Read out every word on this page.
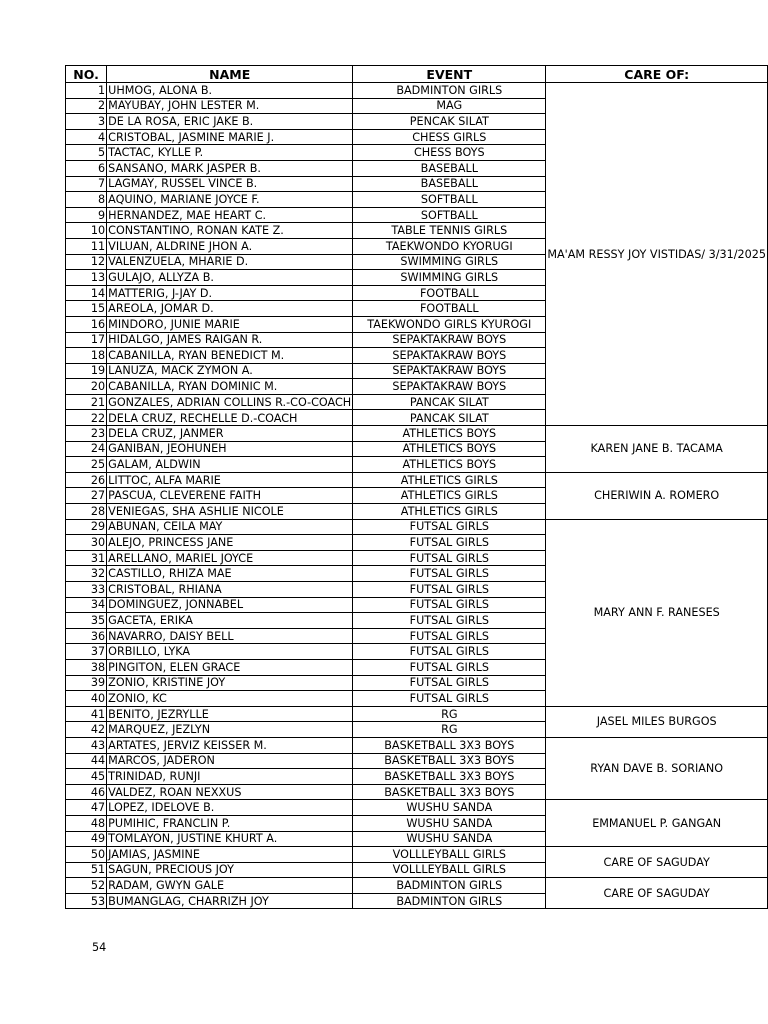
NO.	NAME	EVENT	CARE OF:
1	UHMOG, ALONA B.	BADMINTON GIRLS	MA'AM RESSY JOY VISTIDAS/ 3/31/2025
2	MAYUBAY, JOHN LESTER M.	MAG	
3	DE LA ROSA, ERIC JAKE B.	PENCAK SILAT	
4	CRISTOBAL, JASMINE MARIE J.	CHESS GIRLS	
5	TACTAC, KYLLE P.	CHESS BOYS	
6	SANSANO, MARK JASPER B.	BASEBALL	
7	LAGMAY, RUSSEL VINCE B.	BASEBALL	
8	AQUINO, MARIANE JOYCE F.	SOFTBALL	
9	HERNANDEZ, MAE HEART C.	SOFTBALL	
10	CONSTANTINO, RONAN KATE Z.	TABLE TENNIS GIRLS	
11	VILUAN, ALDRINE JHON A.	TAEKWONDO KYORUGI	
12	VALENZUELA, MHARIE D.	SWIMMING GIRLS	
13	GULAJO, ALLYZA B.	SWIMMING GIRLS	
14	MATTERIG, J-JAY D.	FOOTBALL	
15	AREOLA, JOMAR D.	FOOTBALL	
16	MINDORO, JUNIE MARIE	TAEKWONDO GIRLS KYUROGI	
17	HIDALGO, JAMES RAIGAN R.	SEPAKTAKRAW BOYS	
18	CABANILLA, RYAN BENEDICT M.	SEPAKTAKRAW BOYS	
19	LANUZA, MACK ZYMON A.	SEPAKTAKRAW BOYS	
20	CABANILLA, RYAN DOMINIC M.	SEPAKTAKRAW BOYS	
21	GONZALES, ADRIAN COLLINS R.-CO-COACH	PANCAK SILAT	
22	DELA CRUZ, RECHELLE D.-COACH	PANCAK SILAT	
23	DELA CRUZ, JANMER	ATHLETICS BOYS	KAREN JANE B. TACAMA
24	GANIBAN, JEOHUNEH	ATHLETICS BOYS	
25	GALAM, ALDWIN	ATHLETICS BOYS	
26	LITTOC, ALFA MARIE	ATHLETICS GIRLS	CHERIWIN A. ROMERO
27	PASCUA, CLEVERENE FAITH	ATHLETICS GIRLS	
28	VENIEGAS, SHA ASHLIE NICOLE	ATHLETICS GIRLS	
29	ABUNAN, CEILA MAY	FUTSAL GIRLS	MARY ANN F. RANESES
30	ALEJO, PRINCESS JANE	FUTSAL GIRLS	
31	ARELLANO, MARIEL JOYCE	FUTSAL GIRLS	
32	CASTILLO, RHIZA MAE	FUTSAL GIRLS	
33	CRISTOBAL, RHIANA	FUTSAL GIRLS	
34	DOMINGUEZ, JONNABEL	FUTSAL GIRLS	
35	GACETA, ERIKA	FUTSAL GIRLS	
36	NAVARRO, DAISY BELL	FUTSAL GIRLS	
37	ORBILLO, LYKA	FUTSAL GIRLS	
38	PINGITON, ELEN GRACE	FUTSAL GIRLS	
39	ZONIO, KRISTINE JOY	FUTSAL GIRLS	
40	ZONIO, KC	FUTSAL GIRLS	
41	BENITO, JEZRYLLE	RG	JASEL MILES BURGOS
42	MARQUEZ, JEZLYN	RG	
43	ARTATES, JERVIZ KEISSER M.	BASKETBALL 3X3 BOYS	RYAN DAVE B. SORIANO
44	MARCOS, JADERON	BASKETBALL 3X3 BOYS	
45	TRINIDAD, RUNJI	BASKETBALL 3X3 BOYS	
46	VALDEZ, ROAN NEXXUS	BASKETBALL 3X3 BOYS	
47	LOPEZ, IDELOVE B.	WUSHU SANDA	EMMANUEL P. GANGAN
48	PUMIHIC, FRANCLIN P.	WUSHU SANDA	
49	TOMLAYON, JUSTINE KHURT A.	WUSHU SANDA	
50	JAMIAS, JASMINE	VOLLLEYBALL GIRLS	CARE OF SAGUDAY
51	SAGUN, PRECIOUS JOY	VOLLLEYBALL GIRLS	
52	RADAM, GWYN GALE	BADMINTON GIRLS	CARE OF SAGUDAY
53	BUMANGLAG, CHARRIZH JOY	BADMINTON GIRLS	
54
